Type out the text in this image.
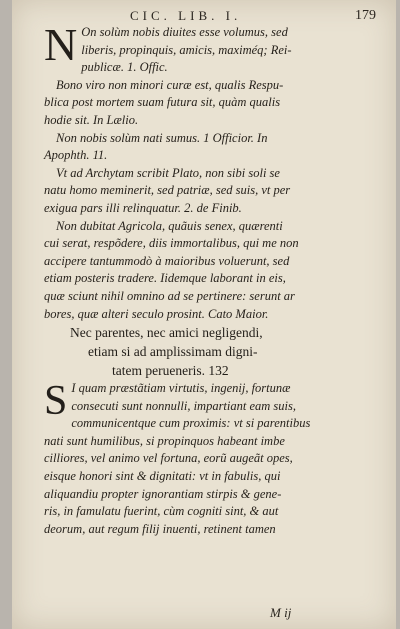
CIC. LIB. I.	179
N On solùm nobis diuites esse volumus, sed

liberis, propinquis, amicis, maximéq; Rei-

publicæ. 1. Offic.

Bono viro non minori curæ est, qualis Respu-

blica post mortem suam futura sit, quàm qualis

hodie sit. In Lælio.

Non nobis solùm nati sumus. 1 Officior. In

Apophth. 11.

Vt ad Archytam scribit Plato, non sibi soli se

natu homo meminerit, sed patriæ, sed suis, vt per

exigua pars illi relinquatur. 2. de Finib.

Non dubitat Agricola, quãuis senex, quærenti

cui serat, respõdere, diis immortalibus, qui me non

accipere tantummodò à maioribus voluerunt, sed

etiam posteris tradere. Iidemque laborant in eis,

quæ sciunt nihil omnino ad se pertinere: serunt ar

bores, quæ alteri seculo prosint. Cato Maior.

Nec parentes, nec amici negligendi,

etiam si ad amplissimam digni-

tatem perueneris. 132

S I quam præstãtiam virtutis, ingenij, fortunæ

consecuti sunt nonnulli, impartiant eam suis,

communicentque cum proximis: vt si parentibus

nati sunt humilibus, si propinquos habeant imbe

cilliores, vel animo vel fortuna, eorũ augeãt opes,

eisque honori sint & dignitati: vt in fabulis, qui

aliquandiu propter ignorantiam stirpis & gene-

ris, in famulatu fuerint, cùm cogniti sint, & aut

deorum, aut regum filij inuenti, retinent tamen

M ij
